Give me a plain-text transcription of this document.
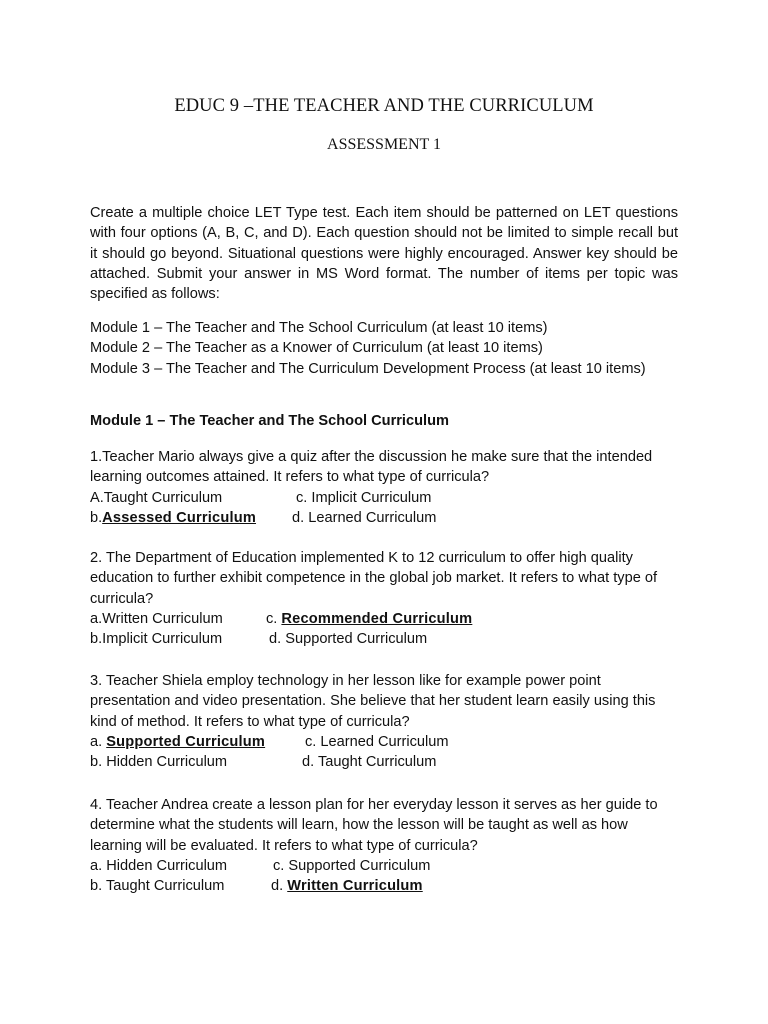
EDUC 9 –THE TEACHER AND THE CURRICULUM
ASSESSMENT 1
Create a multiple choice LET Type test. Each item should be patterned on LET questions with four options (A, B, C, and D). Each question should not be limited to simple recall but it should go beyond. Situational questions were highly encouraged. Answer key should be attached. Submit your answer in MS Word format. The number of items per topic was specified as follows:
Module 1 – The Teacher and The School Curriculum (at least 10 items)
Module 2 – The Teacher as a Knower of Curriculum (at least 10 items)
Module 3 – The Teacher and The Curriculum Development Process (at least 10 items)
Module 1 – The Teacher and The School Curriculum
1.Teacher Mario always give a quiz after the discussion he make sure that the intended learning outcomes attained. It refers to what type of curricula?
A.Taught Curriculum	c. Implicit Curriculum
b.Assessed Curriculum d. Learned Curriculum
2. The Department of Education implemented K to 12 curriculum to offer high quality education to further exhibit competence in the global job market. It refers to what type of curricula?
a.Written Curriculum	c. Recommended Curriculum
b.Implicit Curriculum	d. Supported Curriculum
3. Teacher Shiela employ technology in her lesson like for example power point presentation and video presentation. She believe that her student learn easily using this kind of method. It refers to what type of curricula?
a. Supported Curriculum	c. Learned Curriculum
b. Hidden Curriculum	d. Taught Curriculum
4. Teacher Andrea create a lesson plan for her everyday lesson it serves as her guide to determine what the students will learn, how the lesson will be taught as well as how learning will be evaluated. It refers to what type of curricula?
a. Hidden Curriculum	c. Supported Curriculum
b. Taught Curriculum	d. Written Curriculum
